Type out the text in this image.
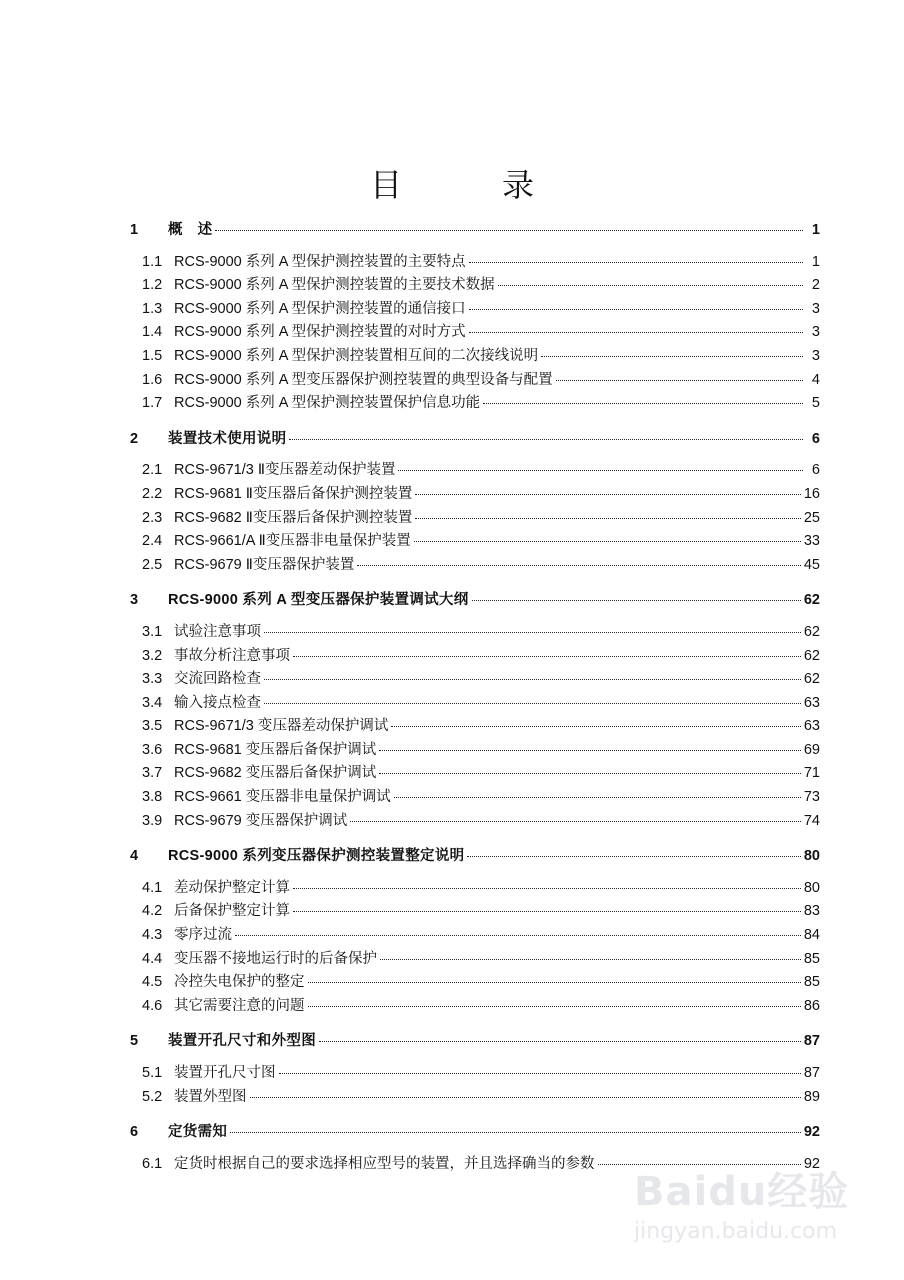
目　录
1	概　述	1
1.1 RCS-9000 系列 A 型保护测控装置的主要特点	1
1.2 RCS-9000 系列 A 型保护测控装置的主要技术数据	2
1.3 RCS-9000 系列 A 型保护测控装置的通信接口	3
1.4 RCS-9000 系列 A 型保护测控装置的对时方式	3
1.5 RCS-9000 系列 A 型保护测控装置相互间的二次接线说明	3
1.6 RCS-9000 系列 A 型变压器保护测控装置的典型设备与配置	4
1.7 RCS-9000 系列 A 型保护测控装置保护信息功能	5
2	装置技术使用说明	6
2.1 RCS-9671/3 Ⅱ变压器差动保护装置	6
2.2 RCS-9681 Ⅱ变压器后备保护测控装置	16
2.3 RCS-9682 Ⅱ变压器后备保护测控装置	25
2.4 RCS-9661/A Ⅱ变压器非电量保护装置	33
2.5 RCS-9679 Ⅱ变压器保护装置	45
3	RCS-9000 系列 A 型变压器保护装置调试大纲	62
3.1 试验注意事项	62
3.2 事故分析注意事项	62
3.3 交流回路检查	62
3.4 输入接点检查	63
3.5 RCS-9671/3 变压器差动保护调试	63
3.6 RCS-9681 变压器后备保护调试	69
3.7 RCS-9682 变压器后备保护调试	71
3.8 RCS-9661 变压器非电量保护调试	73
3.9 RCS-9679 变压器保护调试	74
4	RCS-9000 系列变压器保护测控装置整定说明	80
4.1 差动保护整定计算	80
4.2 后备保护整定计算	83
4.3 零序过流	84
4.4 变压器不接地运行时的后备保护	85
4.5 冷控失电保护的整定	85
4.6 其它需要注意的问题	86
5	装置开孔尺寸和外型图	87
5.1 装置开孔尺寸图	87
5.2 装置外型图	89
6	定货需知	92
6.1 定货时根据自己的要求选择相应型号的装置，并且选择确当的参数	92
Baidu经验
jingyan.baidu.com
